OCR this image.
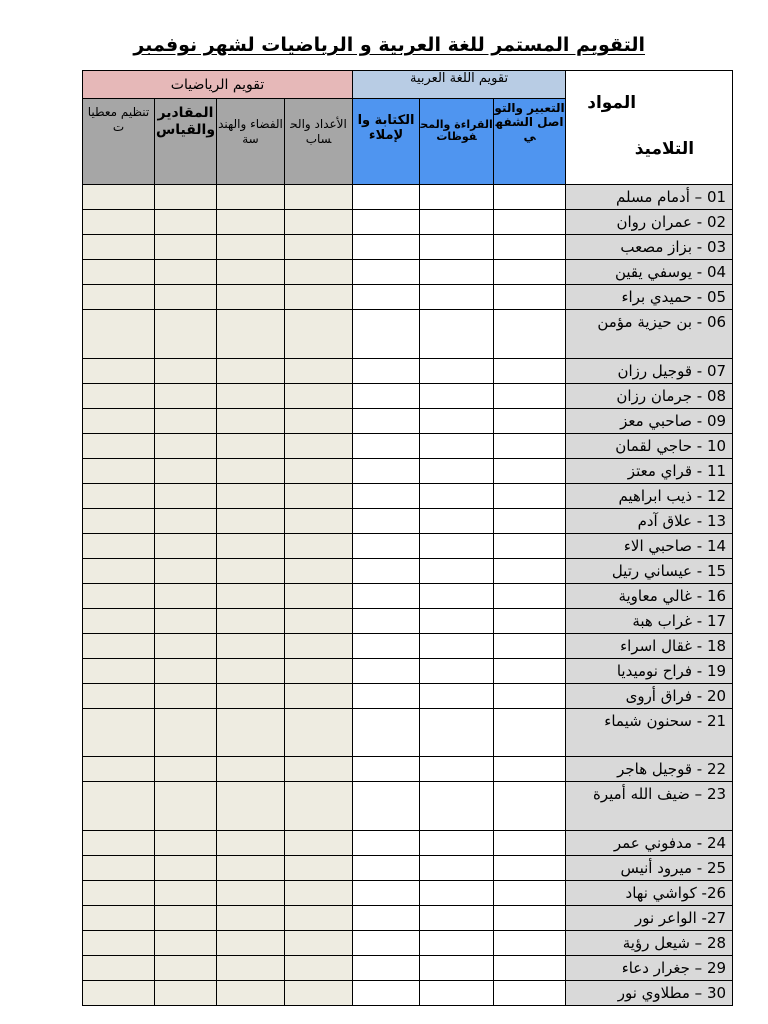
التقويم المستمر للغة العربية و الرياضيات لشهر نوفمبر
تقويم الرياضيات				تقويم اللغة العربية			المواد
التلاميذ

تنظيم معطيات	المقادير والقياس	الفضاء والهندسة	الأعداد والحساب	الكتابة والإملاء	القراءة والمحفوظات	التعبير والتواصل الشفهي	
							01 – أدمام مسلم
							02 - عمران روان
							03 - بزاز مصعب
							04 - يوسفي يقين
							05 - حميدي براء
							06 - بن حيزية مؤمن
							07 - قوجيل رزان
							08 - جرمان رزان
							09 - صاحبي معز
							10 - حاجي لقمان
							11 - قراي معتز
							12 - ذيب ابراهيم
							13 - علاق آدم
							14 - صاحبي الاء
							15 - عيساني رتيل
							16 - غالي معاوية
							17 - غراب هبة
							18 - غقال اسراء
							19 - فراح نوميديا
							20 - فراق أروى
							21 - سحنون شيماء
							22 - قوجيل هاجر
							23 – ضيف الله أميرة
							24 - مدفوني عمر
							25 - ميرود أنيس
							26- كواشي نهاد
							27- الواعر نور
							28 – شيعل رؤية
							29 – جغرار دعاء
							30 – مطلاوي نور
